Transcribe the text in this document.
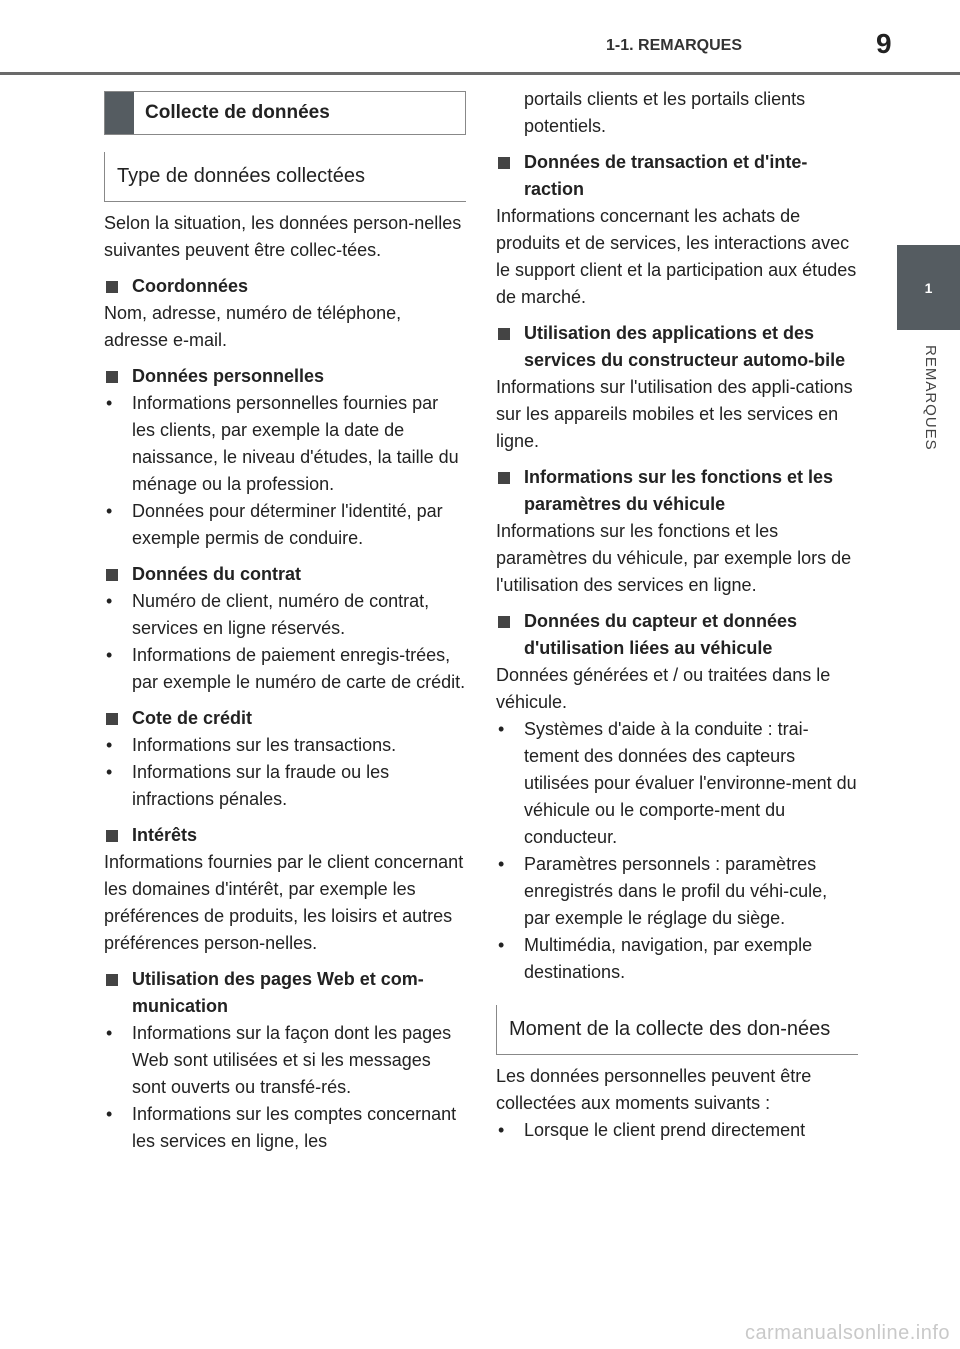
1-1. REMARQUES	9
1
REMARQUES
Collecte de données
Type de données collectées

Selon la situation, les données person-nelles suivantes peuvent être collec-tées.

Coordonnées

Nom, adresse, numéro de téléphone, adresse e-mail.

Données personnelles
• Informations personnelles fournies par les clients, par exemple la date de naissance, le niveau d'études, la taille du ménage ou la profession.
• Données pour déterminer l'identité, par exemple permis de conduire.
Données du contrat
• Numéro de client, numéro de contrat, services en ligne réservés.
• Informations de paiement enregis-trées, par exemple le numéro de carte de crédit.
Cote de crédit
• Informations sur les transactions.
• Informations sur la fraude ou les infractions pénales.
Intérêts

Informations fournies par le client concernant les domaines d'intérêt, par exemple les préférences de produits, les loisirs et autres préférences person-nelles.

Utilisation des pages Web et com-munication
• Informations sur la façon dont les pages Web sont utilisées et si les messages sont ouverts ou transfé-rés.
• Informations sur les comptes concernant les services en ligne, les

portails clients et les portails clients potentiels.

Données de transaction et d'inte-raction

Informations concernant les achats de produits et de services, les interactions avec le support client et la participation aux études de marché.

Utilisation des applications et des services du constructeur automo-bile

Informations sur l'utilisation des appli-cations sur les appareils mobiles et les services en ligne.

Informations sur les fonctions et les paramètres du véhicule

Informations sur les fonctions et les paramètres du véhicule, par exemple lors de l'utilisation des services en ligne.

Données du capteur et données d'utilisation liées au véhicule

Données générées et / ou traitées dans le véhicule.

• Systèmes d'aide à la conduite : trai-tement des données des capteurs utilisées pour évaluer l'environne-ment du véhicule ou le comporte-ment du conducteur.
• Paramètres personnels : paramètres enregistrés dans le profil du véhi-cule, par exemple le réglage du siège.
• Multimédia, navigation, par exemple destinations.
Moment de la collecte des don-nées

Les données personnelles peuvent être collectées aux moments suivants :

• Lorsque le client prend directement
carmanualsonline.info
